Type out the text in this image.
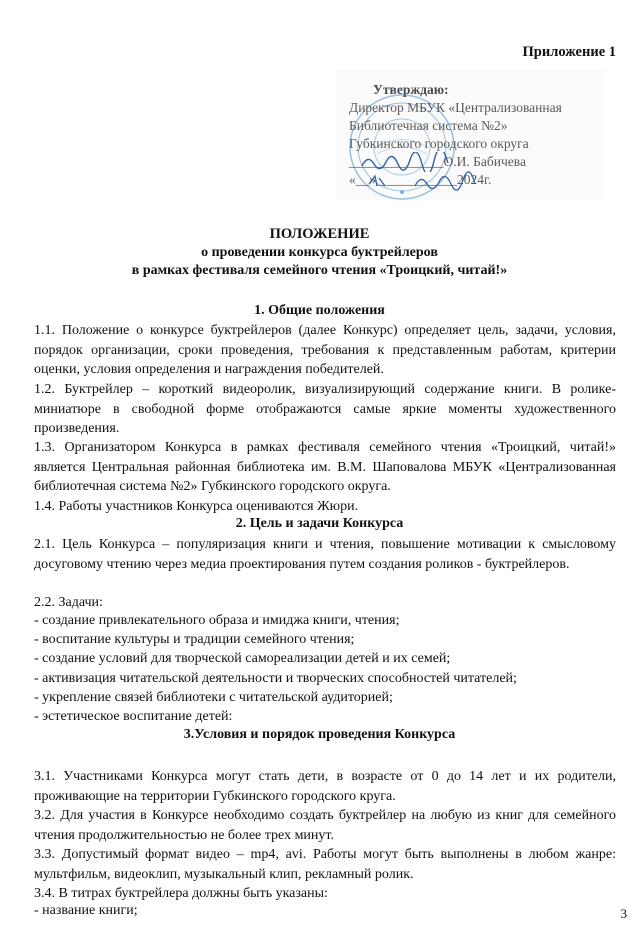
Приложение 1
Утверждаю:
Директор МБУК «Централизованная
Библиотечная система №2»
Губкинского городского округа
______________О.И. Бабичева
«__»____________2024г.
ПОЛОЖЕНИЕ
о проведении конкурса буктрейлеров
в рамках фестиваля семейного чтения «Троицкий, читай!»
1. Общие положения
1.1. Положение о конкурсе буктрейлеров (далее Конкурс) определяет цель, задачи, условия, порядок организации, сроки проведения, требования к представленным работам, критерии оценки, условия определения и награждения победителей.
1.2. Буктрейлер – короткий видеоролик, визуализирующий содержание книги. В ролике-миниатюре в свободной форме отображаются самые яркие моменты художественного произведения.
1.3. Организатором Конкурса в рамках фестиваля семейного чтения «Троицкий, читай!» является Центральная районная библиотека им. В.М. Шаповалова МБУК «Централизованная библиотечная система №2» Губкинского городского округа.
1.4. Работы участников Конкурса оцениваются Жюри.
2. Цель и задачи Конкурса
2.1. Цель Конкурса – популяризация книги и чтения, повышение мотивации к смысловому досуговому чтению через медиа проектирования путем создания роликов - буктрейлеров.
2.2. Задачи:
- создание привлекательного образа и имиджа книги, чтения;
- воспитание культуры и традиции семейного чтения;
- создание условий для творческой самореализации детей и их семей;
- активизация читательской деятельности и творческих способностей читателей;
- укрепление связей библиотеки с читательской аудиторией;
- эстетическое воспитание детей:
3.Условия и порядок проведения Конкурса
3.1. Участниками Конкурса могут стать дети, в возрасте от 0 до 14 лет и их родители, проживающие на территории Губкинского городского круга.
3.2. Для участия в Конкурсе необходимо создать буктрейлер на любую из книг для семейного чтения продолжительностью не более трех минут.
3.3. Допустимый формат видео – mp4, avi. Работы могут быть выполнены в любом жанре: мультфильм, видеоклип, музыкальный клип, рекламный ролик.
3.4. В титрах буктрейлера должны быть указаны:
- название книги;	3
